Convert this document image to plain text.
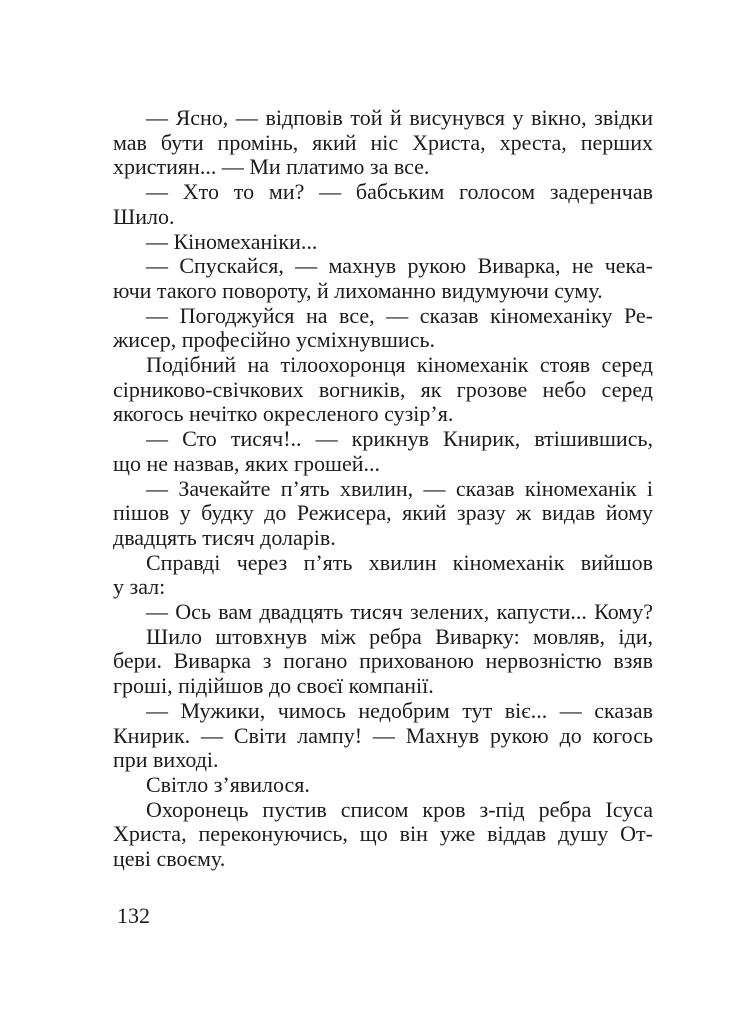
— Ясно, — відповів той й висунувся у вікно, звідки
мав бути промінь, який ніс Христа, хреста, перших
християн... — Ми платимо за все.
— Хто то ми? — бабським голосом задеренчав
Шило.
— Кіномеханіки...
— Спускайся, — махнув рукою Виварка, не чека-
ючи такого повороту, й лихоманно видумуючи суму.
— Погоджуйся на все, — сказав кіномеханіку Ре-
жисер, професійно усміхнувшись.
Подібний на тілоохоронця кіномеханік стояв серед
сірниково-свічкових вогників, як грозове небо серед
якогось нечітко окресленого сузір’я.
— Сто тисяч!.. — крикнув Книрик, втішившись,
що не назвав, яких грошей...
— Зачекайте п’ять хвилин, — сказав кіномеханік і
пішов у будку до Режисера, який зразу ж видав йому
двадцять тисяч доларів.
Справді через п’ять хвилин кіномеханік вийшов
у зал:
— Ось вам двадцять тисяч зелених, капусти... Кому?
Шило штовхнув між ребра Виварку: мовляв, іди,
бери. Виварка з погано прихованою нервозністю взяв
гроші, підійшов до своєї компанії.
— Мужики, чимось недобрим тут віє... — сказав
Книрик. — Світи лампу! — Махнув рукою до когось
при виході.
Світло з’явилося.
Охоронець пустив списом кров з-під ребра Ісуса
Христа, переконуючись, що він уже віддав душу От-
цеві своєму.
132
